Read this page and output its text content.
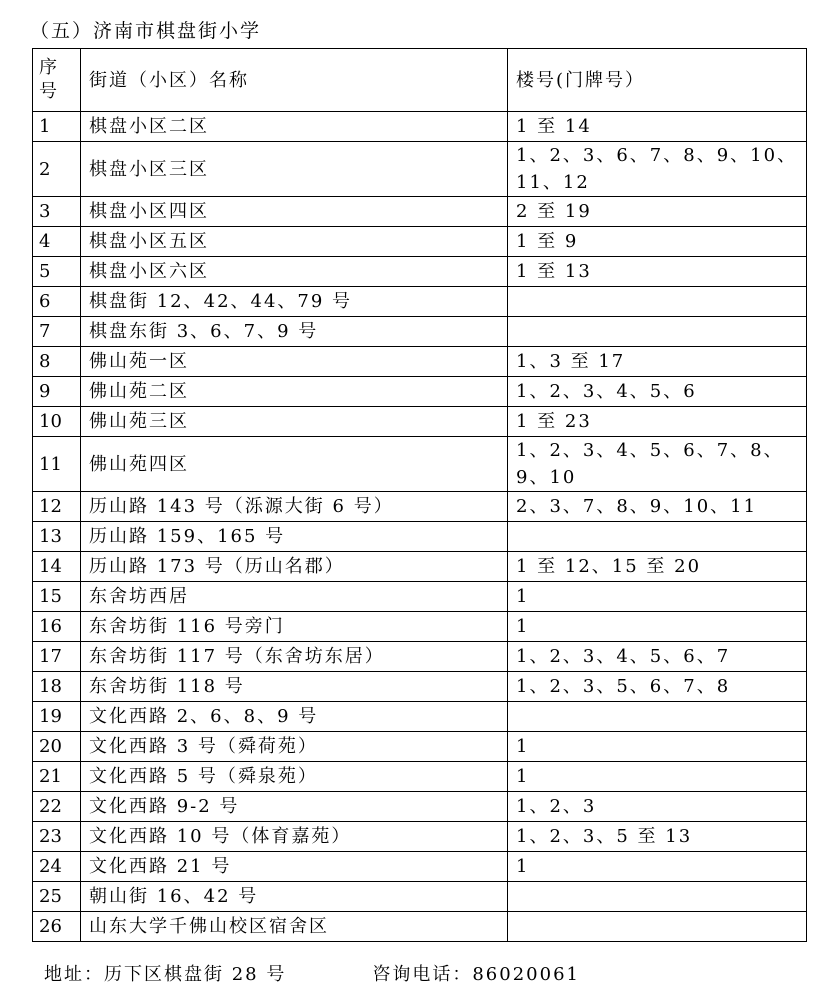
（五）济南市棋盘街小学
序
号	街道（小区）名称	楼号(门牌号）
1	棋盘小区二区	1 至 14
2	棋盘小区三区	1、2、3、6、7、8、9、10、11、12
3	棋盘小区四区	2 至 19
4	棋盘小区五区	1 至 9
5	棋盘小区六区	1 至 13
6	棋盘街 12、42、44、79 号	
7	棋盘东街 3、6、7、9 号	
8	佛山苑一区	1、3 至 17
9	佛山苑二区	1、2、3、4、5、6
10	佛山苑三区	1 至 23
11	佛山苑四区	1、2、3、4、5、6、7、8、9、10
12	历山路 143 号（泺源大街 6 号）	2、3、7、8、9、10、11
13	历山路 159、165 号	
14	历山路 173 号（历山名郡）	1 至 12、15 至 20
15	东舍坊西居	1
16	东舍坊街 116 号旁门	1
17	东舍坊街 117 号（东舍坊东居）	1、2、3、4、5、6、7
18	东舍坊街 118 号	1、2、3、5、6、7、8
19	文化西路 2、6、8、9 号	
20	文化西路 3 号（舜荷苑）	1
21	文化西路 5 号（舜泉苑）	1
22	文化西路 9-2 号	1、2、3
23	文化西路 10 号（体育嘉苑）	1、2、3、5 至 13
24	文化西路 21 号	1
25	朝山街 16、42 号	
26	山东大学千佛山校区宿舍区	
地址：历下区棋盘街 28 号	咨询电话：86020061
